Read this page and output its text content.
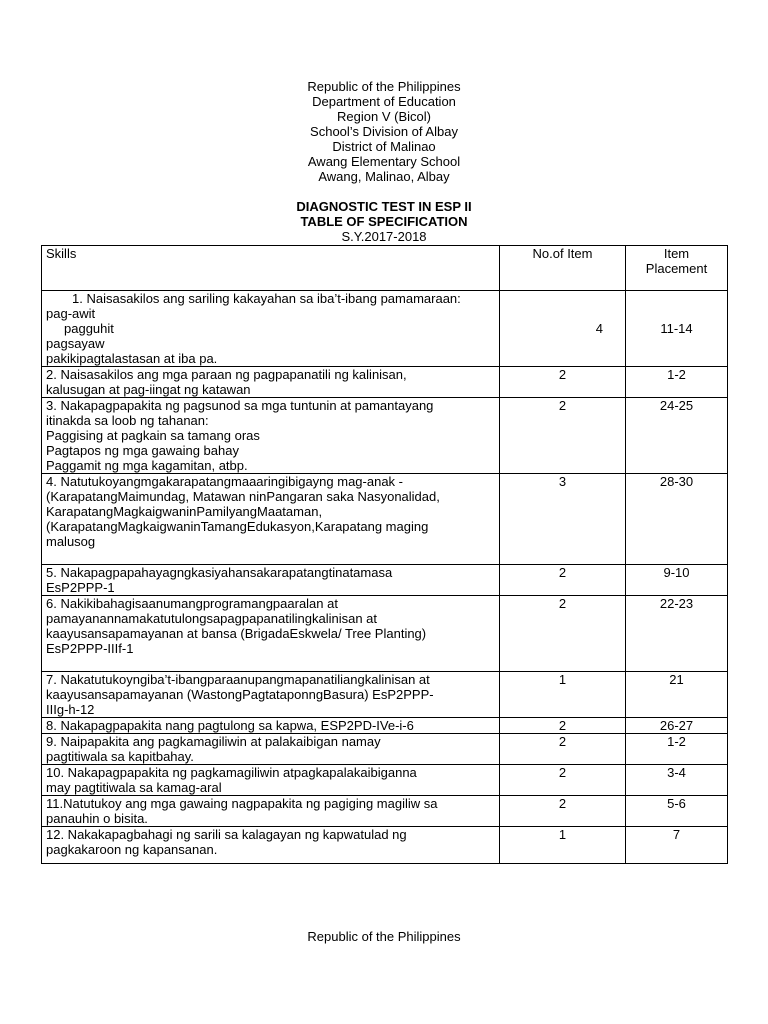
Republic of the Philippines
Department of Education
Region V (Bicol)
School’s Division of Albay
District of Malinao
Awang Elementary School
Awang, Malinao, Albay
DIAGNOSTIC TEST IN ESP II
TABLE OF SPECIFICATION
S.Y.2017-2018
Skills	No.of Item	Item Placement

1. Naisasakilos ang sariling kakayahan sa iba’t-ibang pamamaraan:
pag-awit
pagguhit
pagsayaw
pakikipagtalastasan at iba pa.	4	11-14

2. Naisasakilos ang mga paraan ng pagpapanatili ng kalinisan,
kalusugan at pag-iingat ng katawan	2	1-2

3. Nakapagpapakita ng pagsunod sa mga tuntunin at pamantayang
itinakda sa loob ng tahanan:
Paggising at pagkain sa tamang oras
Pagtapos ng mga gawaing bahay
Paggamit ng mga kagamitan, atbp.	2	24-25

4. Natutukoyangmgakarapatangmaaaringibigayng mag-anak -
(KarapatangMaimundag, Matawan ninPangaran saka Nasyonalidad,
KarapatangMagkaigwaninPamilyangMaataman,
(KarapatangMagkaigwaninTamangEdukasyon,Karapatang maging
malusog	3	28-30

5. Nakapagpapahayagngkasiyahansakarapatangtinatamasa
EsP2PPP-1	2	9-10

6. Nakikibahagisaanumangprogramangpaaralan at
pamayanannamakatutulongsapagpapanatilingkalinisan at
kaayusansapamayanan at bansa (BrigadaEskwela/ Tree Planting)
EsP2PPP-IIIf-1	2	22-23

7. Nakatutukoyngiba’t-ibangparaanupangmapanatiliangkalinisan at
kaayusansapamayanan (WastongPagtataponngBasura) EsP2PPP-
IIIg-h-12	1	21

8. Nakapagpapakita nang pagtulong sa kapwa, ESP2PD-IVe-i-6	2	26-27

9. Naipapakita ang pagkamagiliwin at palakaibigan namay
pagtitiwala sa kapitbahay.	2	1-2

10. Nakapagpapakita ng pagkamagiliwin atpagkapalakaibiganna
may pagtitiwala sa kamag-aral	2	3-4

11.Natutukoy ang mga gawaing nagpapakita ng pagiging magiliw sa
panauhin o bisita.	2	5-6

12. Nakakapagbahagi ng sarili sa kalagayan ng kapwatulad ng
pagkakaroon ng kapansanan.	1	7
Republic of the Philippines
